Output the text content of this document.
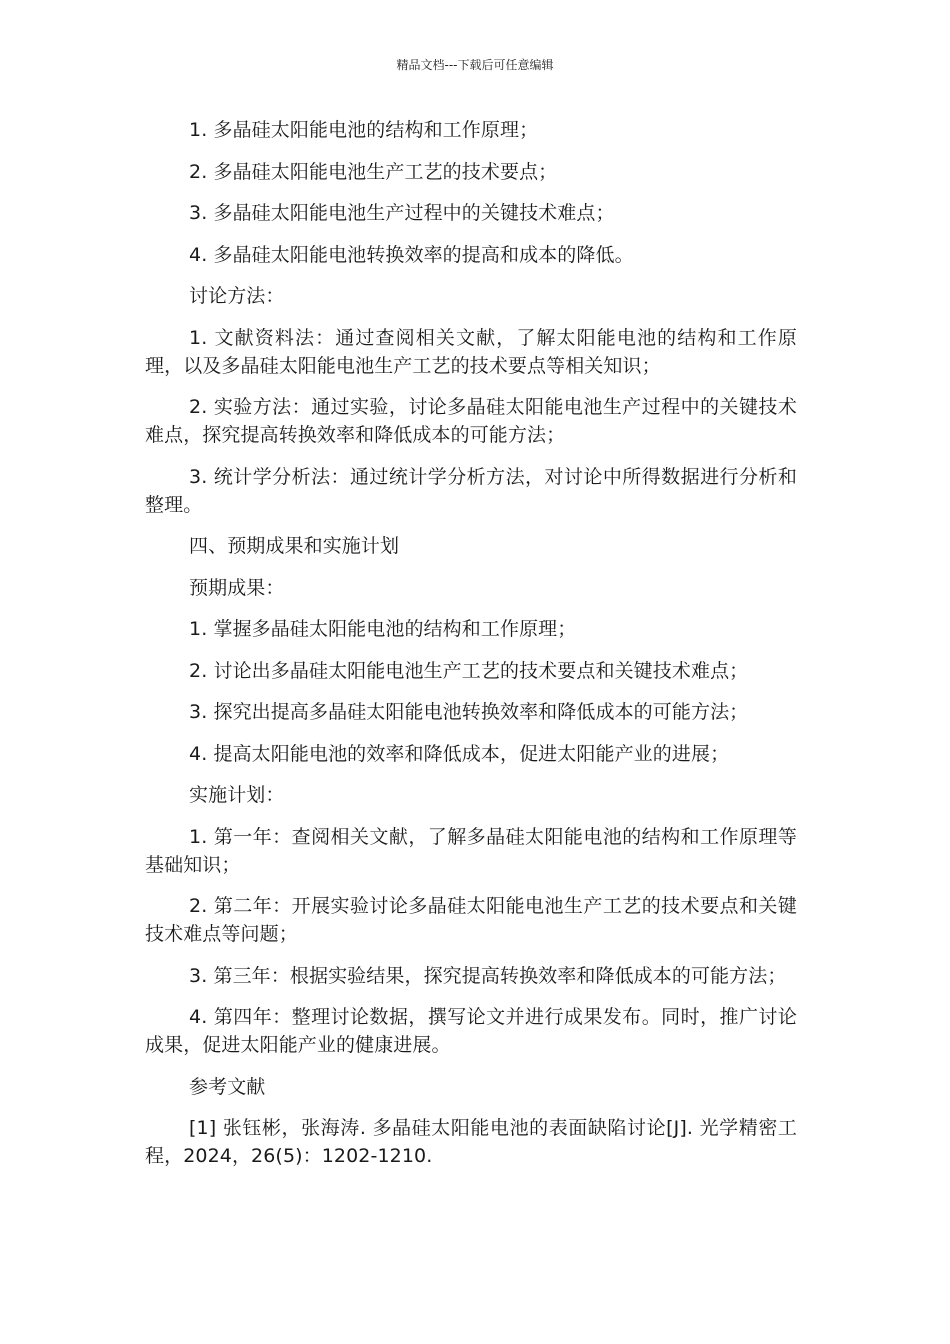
精品文档---下载后可任意编辑

1. 多晶硅太阳能电池的结构和工作原理；

2. 多晶硅太阳能电池生产工艺的技术要点；

3. 多晶硅太阳能电池生产过程中的关键技术难点；

4. 多晶硅太阳能电池转换效率的提高和成本的降低。

讨论方法：

1. 文献资料法：通过查阅相关文献，了解太阳能电池的结构和工作原理，以及多晶硅太阳能电池生产工艺的技术要点等相关知识；

2. 实验方法：通过实验，讨论多晶硅太阳能电池生产过程中的关键技术难点，探究提高转换效率和降低成本的可能方法；

3. 统计学分析法：通过统计学分析方法，对讨论中所得数据进行分析和整理。

四、预期成果和实施计划

预期成果：

1. 掌握多晶硅太阳能电池的结构和工作原理；

2. 讨论出多晶硅太阳能电池生产工艺的技术要点和关键技术难点；

3. 探究出提高多晶硅太阳能电池转换效率和降低成本的可能方法；

4. 提高太阳能电池的效率和降低成本，促进太阳能产业的进展；

实施计划：

1. 第一年：查阅相关文献，了解多晶硅太阳能电池的结构和工作原理等基础知识；

2. 第二年：开展实验讨论多晶硅太阳能电池生产工艺的技术要点和关键技术难点等问题；

3. 第三年：根据实验结果，探究提高转换效率和降低成本的可能方法；

4. 第四年：整理讨论数据，撰写论文并进行成果发布。同时，推广讨论成果，促进太阳能产业的健康进展。

参考文献

[1] 张钰彬，张海涛. 多晶硅太阳能电池的表面缺陷讨论[J]. 光学精密工程，2024，26(5)：1202-1210.
